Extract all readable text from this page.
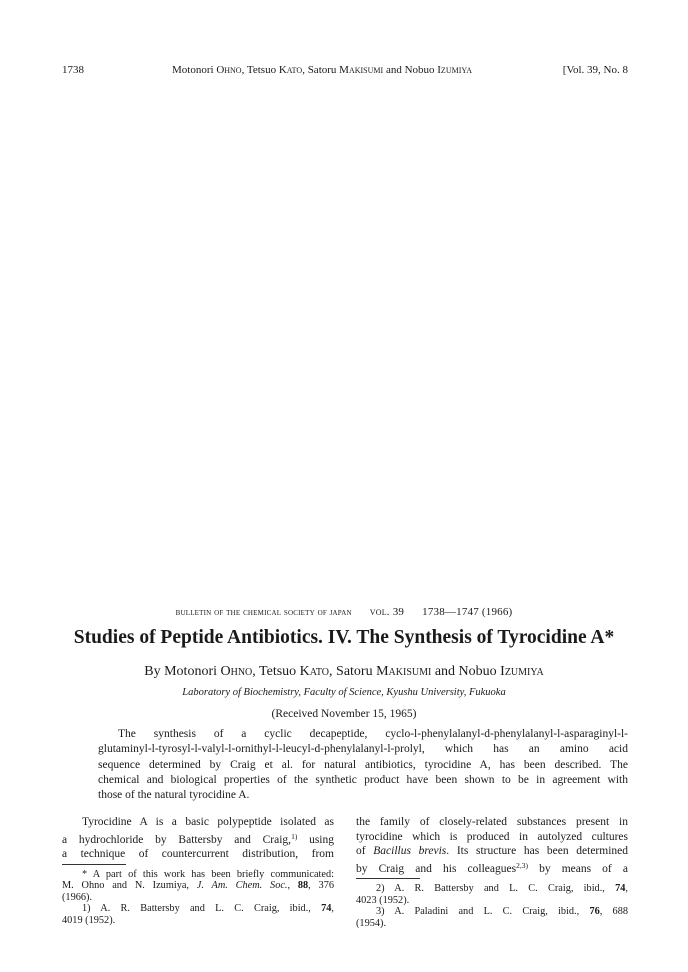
1738	Motonori Ohno, Tetsuo Kato, Satoru Makisumi and Nobuo Izumiya	[Vol. 39, No. 8
bulletin of the chemical society of japan vol. 39 1738—1747 (1966)
Studies of Peptide Antibiotics. IV. The Synthesis of Tyrocidine A*
By Motonori Ohno, Tetsuo Kato, Satoru Makisumi and Nobuo Izumiya
Laboratory of Biochemistry, Faculty of Science, Kyushu University, Fukuoka
(Received November 15, 1965)
The synthesis of a cyclic decapeptide, cyclo-l-phenylalanyl-d-phenylalanyl-l-asparaginyl-l-
glutaminyl-l-tyrosyl-l-valyl-l-ornithyl-l-leucyl-d-phenylalanyl-l-prolyl, which has an amino acid
sequence determined by Craig et al. for natural antibiotics, tyrocidine A, has been described. The
chemical and biological properties of the synthetic product have been shown to be in agreement with
those of the natural tyrocidine A.
Tyrocidine A is a basic polypeptide isolated as
a hydrochloride by Battersby and Craig,$^{1)}$ using
a technique of countercurrent distribution, from
* A part of this work has been briefly communicated:
M. Ohno and N. Izumiya, J. Am. Chem. Soc., 88, 376
(1966).
1) A. R. Battersby and L. C. Craig, ibid., 74,
4019 (1952).
the family of closely-related substances present in
tyrocidine which is produced in autolyzed cultures
of Bacillus brevis. Its structure has been determined
by Craig and his colleagues$^{2,3)}$ by means of a
2) A. R. Battersby and L. C. Craig, ibid., 74,
4023 (1952).
3) A. Paladini and L. C. Craig, ibid., 76, 688
(1954).
